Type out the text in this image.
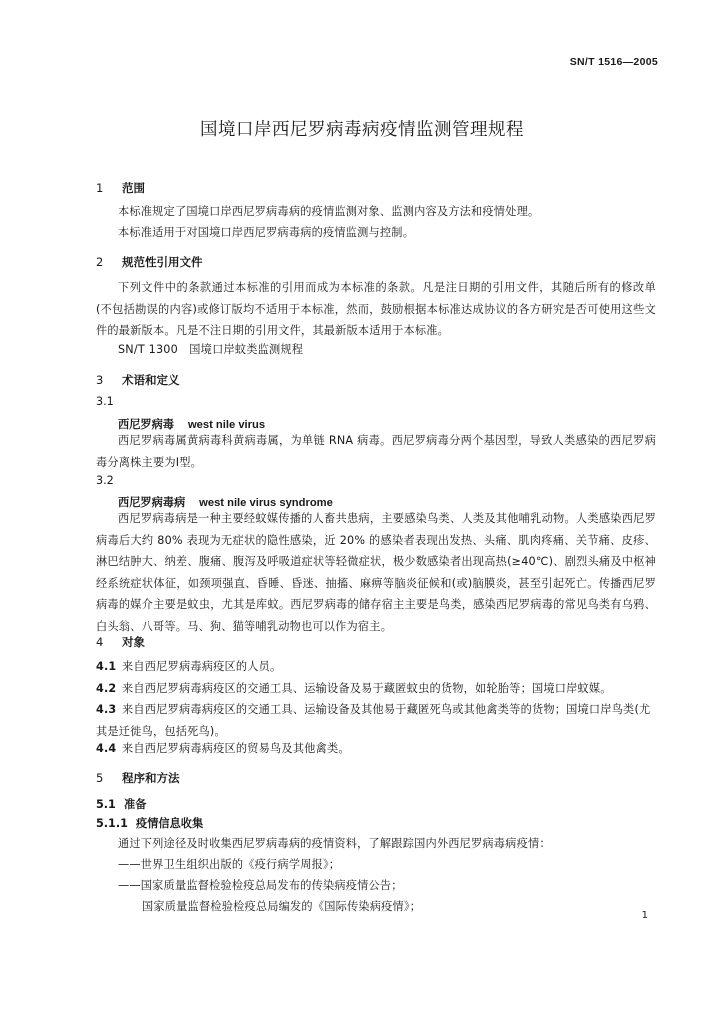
SN/T 1516—2005
国境口岸西尼罗病毒病疫情监测管理规程
1 范围
本标准规定了国境口岸西尼罗病毒病的疫情监测对象、监测内容及方法和疫情处理。
本标准适用于对国境口岸西尼罗病毒病的疫情监测与控制。
2 规范性引用文件
下列文件中的条款通过本标准的引用而成为本标准的条款。凡是注日期的引用文件，其随后所有的修改单(不包括勘误的内容)或修订版均不适用于本标准，然而，鼓励根据本标准达成协议的各方研究是否可使用这些文件的最新版本。凡是不注日期的引用文件，其最新版本适用于本标准。
SN/T 1300　国境口岸蚊类监测规程
3 术语和定义
3.1
西尼罗病毒 west nile virus
西尼罗病毒属黄病毒科黄病毒属，为单链 RNA 病毒。西尼罗病毒分两个基因型，导致人类感染的西尼罗病毒分离株主要为Ⅰ型。
3.2
西尼罗病毒病 west nile virus syndrome
西尼罗病毒病是一种主要经蚊媒传播的人畜共患病，主要感染鸟类、人类及其他哺乳动物。人类感染西尼罗病毒后大约 80% 表现为无症状的隐性感染，近 20% 的感染者表现出发热、头痛、肌肉疼痛、关节痛、皮疹、淋巴结肿大、纳差、腹痛、腹泻及呼吸道症状等轻微症状，极少数感染者出现高热(≥40℃)、剧烈头痛及中枢神经系统症状体征，如颈项强直、昏睡、昏迷、抽搐、麻痹等脑炎征候和(或)脑膜炎，甚至引起死亡。传播西尼罗病毒的媒介主要是蚊虫，尤其是库蚊。西尼罗病毒的储存宿主主要是鸟类，感染西尼罗病毒的常见鸟类有乌鸦、白头翁、八哥等。马、狗、猫等哺乳动物也可以作为宿主。
4 对象
4.1 来自西尼罗病毒病疫区的人员。
4.2 来自西尼罗病毒病疫区的交通工具、运输设备及易于藏匿蚊虫的货物，如轮胎等；国境口岸蚊媒。
4.3 来自西尼罗病毒病疫区的交通工具、运输设备及其他易于藏匿死鸟或其他禽类等的货物；国境口岸鸟类(尤其是迁徙鸟，包括死鸟)。
4.4 来自西尼罗病毒病疫区的贸易鸟及其他禽类。
5 程序和方法
5.1 准备
5.1.1 疫情信息收集
通过下列途径及时收集西尼罗病毒病的疫情资料，了解跟踪国内外西尼罗病毒病疫情：
——世界卫生组织出版的《疫行病学周报》；
——国家质量监督检验检疫总局发布的传染病疫情公告；
国家质量监督检验检疫总局编发的《国际传染病疫情》；
1
